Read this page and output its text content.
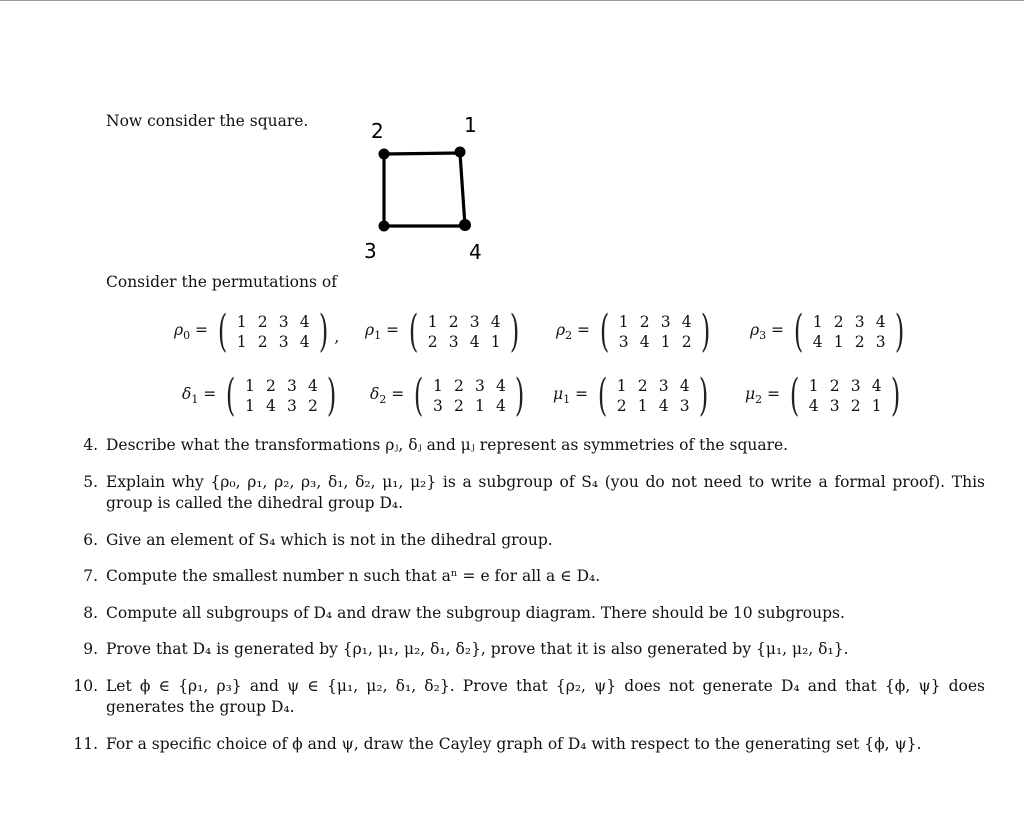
Now consider the square.	2	1
3	4
Consider the permutations of
$\rho_0$ = ( 1 2 3 4
1 2 3 4 ) , $\rho_1$ = ( 1 2 3 4
2 3 4 1 ) $\rho_2$ = ( 1 2 3 4
3 4 1 2 )	$\rho_3$ = ( 1 2 3 4
4 1 2 3 )
$\delta_1$ = ( 1 2 3 4
1 4 3 2 ) $\delta_2$ = ( 1 2 3 4
3 2 1 4 ) $\mu_1$ = ( 1 2 3 4
2 1 4 3 ) $\mu_2$ = ( 1 2 3 4
4 3 2 1 )
4. Describe what the transformations ρⱼ, δⱼ and μⱼ represent as symmetries of the square.
5. Explain why {ρ₀, ρ₁, ρ₂, ρ₃, δ₁, δ₂, μ₁, μ₂} is a subgroup of S₄ (you do not need to write a formal proof). This group is called the dihedral group D₄.
6. Give an element of S₄ which is not in the dihedral group.
7. Compute the smallest number n such that aⁿ = e for all a ∈ D₄.
8. Compute all subgroups of D₄ and draw the subgroup diagram. There should be 10 subgroups.
9. Prove that D₄ is generated by {ρ₁, μ₁, μ₂, δ₁, δ₂}, prove that it is also generated by {μ₁, μ₂, δ₁}.
10. Let ϕ ∈ {ρ₁, ρ₃} and ψ ∈ {μ₁, μ₂, δ₁, δ₂}. Prove that {ρ₂, ψ} does not generate D₄ and that {ϕ, ψ} does generates the group D₄.
11. For a specific choice of ϕ and ψ, draw the Cayley graph of D₄ with respect to the generating set {ϕ, ψ}.
